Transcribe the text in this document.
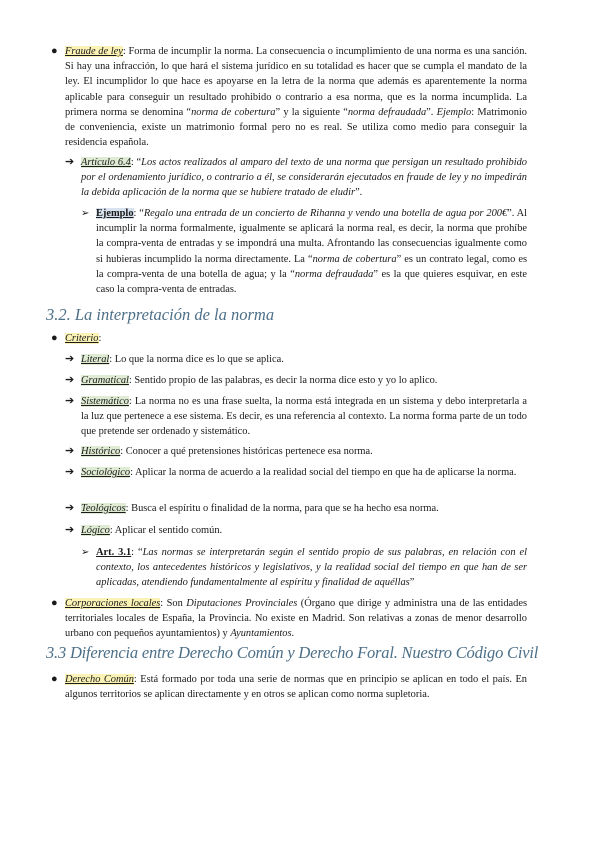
● Fraude de ley: Forma de incumplir la norma. La consecuencia o incumplimiento de una norma es una sanción. Si hay una infracción, lo que hará el sistema jurídico en su totalidad es hacer que se cumpla el mandato de la ley. El incumplidor lo que hace es apoyarse en la letra de la norma que además es aparentemente la norma aplicable para conseguir un resultado prohibido o contrario a esa norma, que es la norma incumplida. La primera norma se denomina “norma de cobertura” y la siguiente “norma defraudada”. Ejemplo: Matrimonio de conveniencia, existe un matrimonio formal pero no es real. Se utiliza como medio para conseguir la residencia española.
➔ Artículo 6.4: “Los actos realizados al amparo del texto de una norma que persigan un resultado prohibido por el ordenamiento jurídico, o contrario a él, se considerarán ejecutados en fraude de ley y no impedirán la debida aplicación de la norma que se hubiere tratado de eludir”.
➢ Ejemplo: “Regalo una entrada de un concierto de Rihanna y vendo una botella de agua por 200€”. Al incumplir la norma formalmente, igualmente se aplicará la norma real, es decir, la norma que prohíbe la compra-venta de entradas y se impondrá una multa. Afrontando las consecuencias igualmente como si hubieras incumplido la norma directamente. La “norma de cobertura” es un contrato legal, como es la compra-venta de una botella de agua; y la “norma defraudada” es la que quieres esquivar, en este caso la compra-venta de entradas.
3.2. La interpretación de la norma
● Criterio:
➔ Literal: Lo que la norma dice es lo que se aplica.
➔ Gramatical: Sentido propio de las palabras, es decir la norma dice esto y yo lo aplico.
➔ Sistemático: La norma no es una frase suelta, la norma está integrada en un sistema y debo interpretarla a la luz que pertenece a ese sistema. Es decir, es una referencia al contexto. La norma forma parte de un todo que pretende ser ordenado y sistemático.
➔ Histórico: Conocer a qué pretensiones históricas pertenece esa norma.
➔ Sociológico: Aplicar la norma de acuerdo a la realidad social del tiempo en que ha de aplicarse la norma.
➔ Teológicos: Busca el espíritu o finalidad de la norma, para que se ha hecho esa norma.
➔ Lógico: Aplicar el sentido común.
➢ Art. 3.1: “Las normas se interpretarán según el sentido propio de sus palabras, en relación con el contexto, los antecedentes históricos y legislativos, y la realidad social del tiempo en que han de ser aplicadas, atendiendo fundamentalmente al espíritu y finalidad de aquéllas”
● Corporaciones locales: Son Diputaciones Provinciales (Órgano que dirige y administra una de las entidades territoriales locales de España, la Provincia. No existe en Madrid. Son relativas a zonas de menor desarrollo urbano con pequeños ayuntamientos) y Ayuntamientos.
3.3 Diferencia entre Derecho Común y Derecho Foral. Nuestro Código Civil
● Derecho Común: Está formado por toda una serie de normas que en principio se aplican en todo el país. En algunos territorios se aplican directamente y en otros se aplican como norma supletoria.
